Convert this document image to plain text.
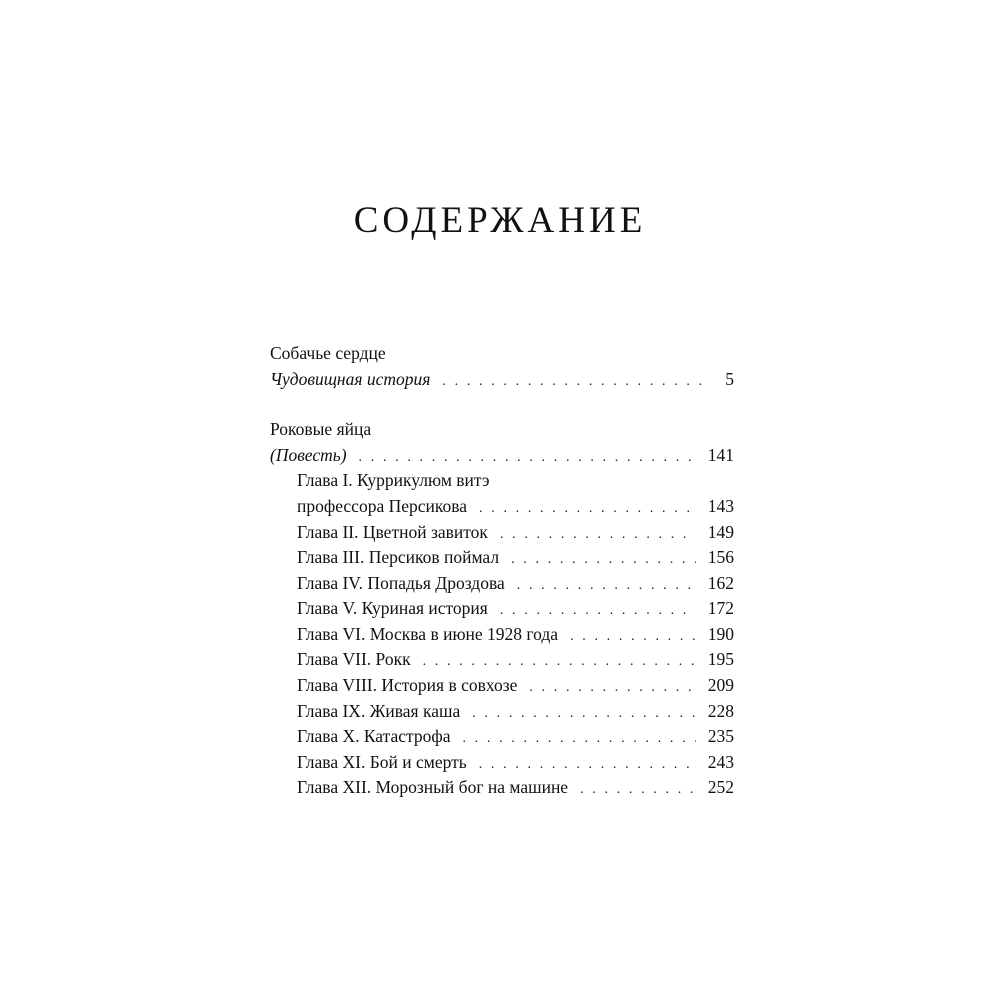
СОДЕРЖАНИЕ
Собачье сердце
Чудовищная история . . .	5
Роковые яйца
(Повесть) . . .	141
Глава I. Куррикулюм витэ
профессора Персикова . . .	143
Глава II. Цветной завиток . . .	149
Глава III. Персиков поймал . . .	156
Глава IV. Попадья Дроздова . . .	162
Глава V. Куриная история . . .	172
Глава VI. Москва в июне 1928 года . . .	190
Глава VII. Рокк . . .	195
Глава VIII. История в совхозе . . .	209
Глава IX. Живая каша . . .	228
Глава X. Катастрофа . . .	235
Глава XI. Бой и смерть . . .	243
Глава XII. Морозный бог на машине . . .	252
